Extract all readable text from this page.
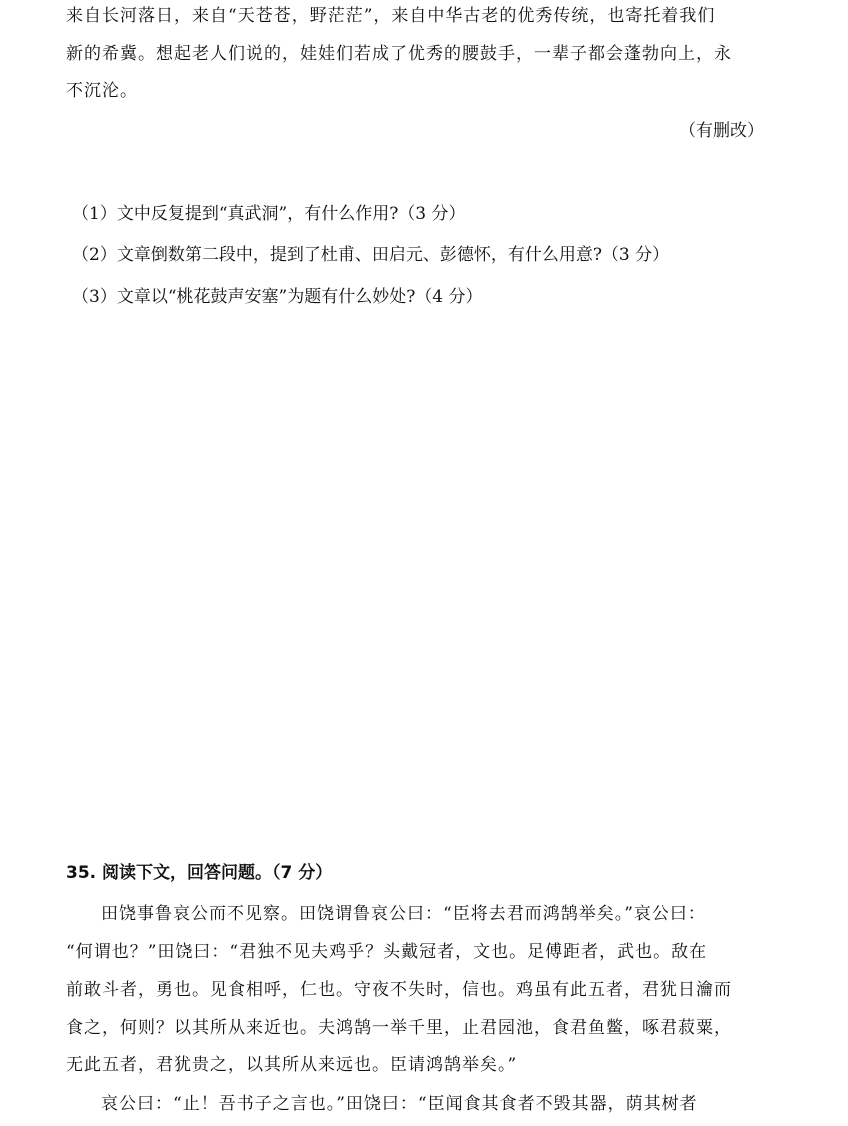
来自长河落日，来自“天苍苍，野茫茫”，来自中华古老的优秀传统，也寄托着我们
新的希冀。想起老人们说的，娃娃们若成了优秀的腰鼓手，一辈子都会蓬勃向上，永
不沉沦。
（有删改）
（1）文中反复提到“真武洞”，有什么作用?（3 分）
（2）文章倒数第二段中，提到了杜甫、田启元、彭德怀，有什么用意?（3 分）
（3）文章以“桃花鼓声安塞”为题有什么妙处?（4 分）
35. 阅读下文，回答问题。（7 分）
田饶事鲁哀公而不见察。田饶谓鲁哀公曰：“臣将去君而鸿鹄举矣。”哀公曰：
“何谓也？”田饶曰：“君独不见夫鸡乎？头戴冠者，文也。足傅距者，武也。敌在
前敢斗者，勇也。见食相呼，仁也。守夜不失时，信也。鸡虽有此五者，君犹日瀹而
食之，何则？以其所从来近也。夫鸿鹄一举千里，止君园池，食君鱼鳖，啄君菽粟，
无此五者，君犹贵之，以其所从来远也。臣请鸿鹄举矣。”
哀公曰：“止！吾书子之言也。”田饶曰：“臣闻食其食者不毁其器，荫其树者
